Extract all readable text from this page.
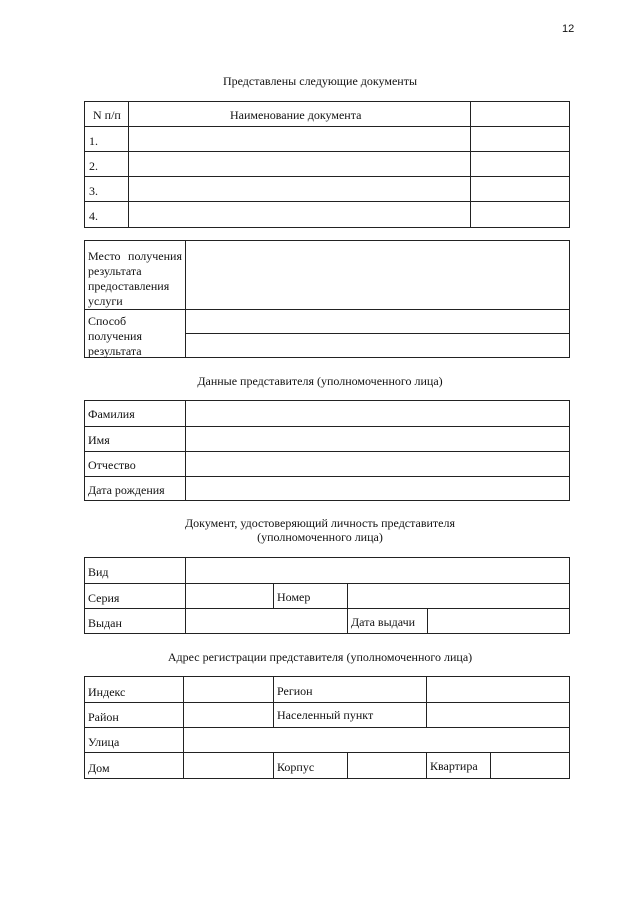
12
Представлены следующие документы
N п/п	Наименование документа
1.
2.
3.
4.
Место получения результата предоставления услуги
Способ получения результата
Данные представителя (уполномоченного лица)
Фамилия
Имя
Отчество
Дата рождения
Документ, удостоверяющий личность представителя
(уполномоченного лица)
Вид
Серия	Номер
Выдан	Дата выдачи
Адрес регистрации представителя (уполномоченного лица)
Индекс	Регион
Район	Населенный пункт
Улица
Дом	Корпус	Квартира
